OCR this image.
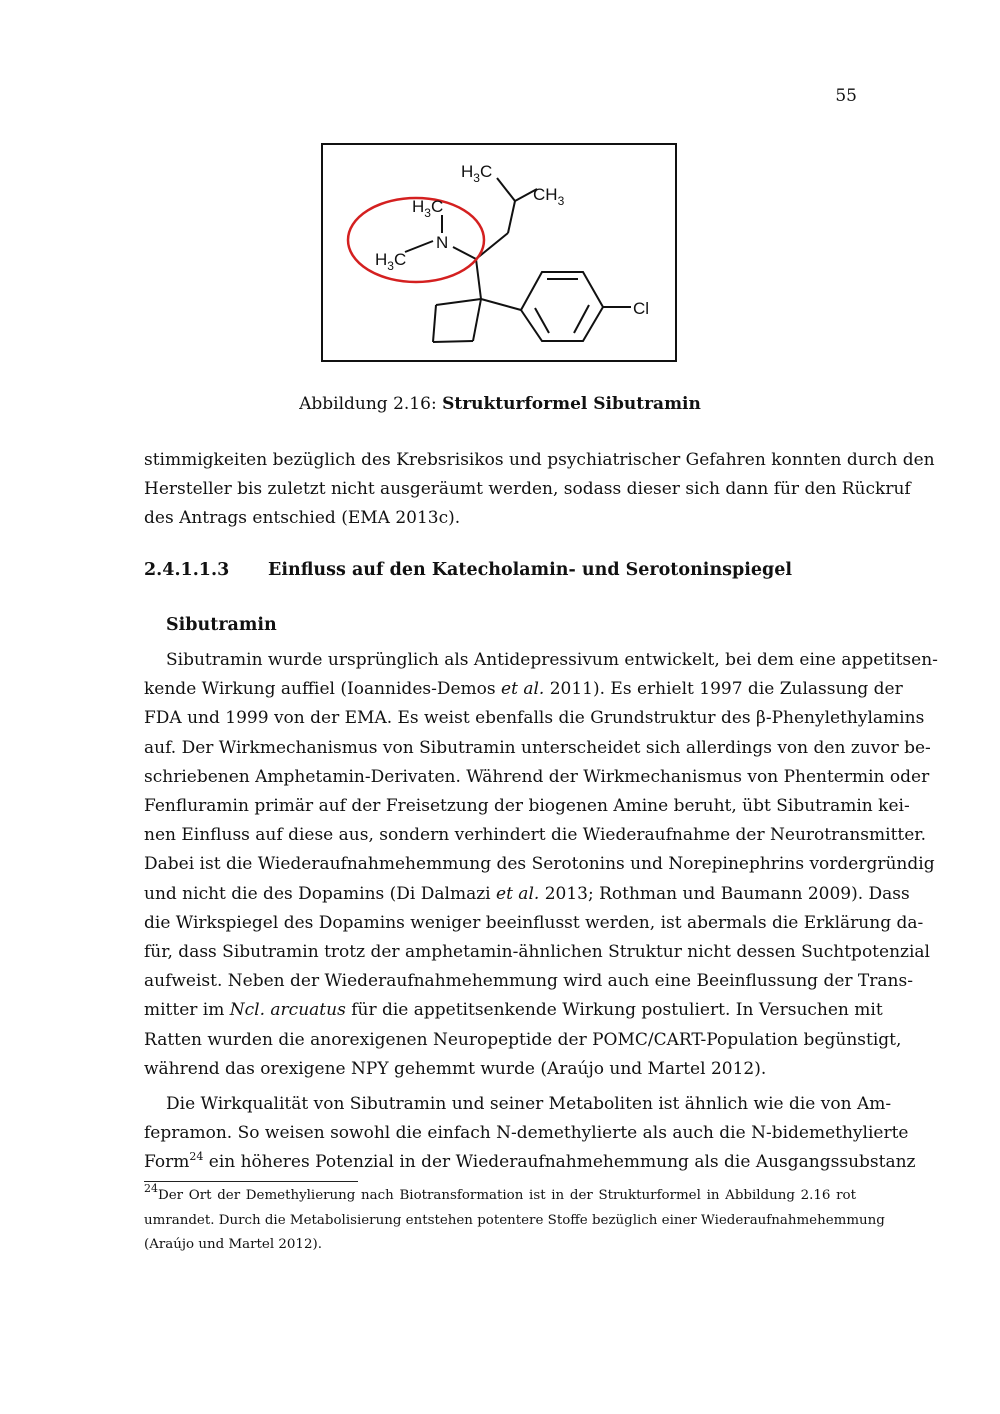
55
$H_3C$
$CH_3$
$H_3C$
N
$H_3C$
Cl
Abbildung 2.16: Strukturformel Sibutramin
stimmigkeiten bezüglich des Krebsrisikos und psychiatrischer Gefahren konnten durch den
Hersteller bis zuletzt nicht ausgeräumt werden, sodass dieser sich dann für den Rückruf
des Antrags entschied (EMA 2013c).
2.4.1.1.3 Einfluss auf den Katecholamin- und Serotoninspiegel
Sibutramin
Sibutramin wurde ursprünglich als Antidepressivum entwickelt, bei dem eine appetitsen-
kende Wirkung auffiel (Ioannides-Demos et al. 2011). Es erhielt 1997 die Zulassung der
FDA und 1999 von der EMA. Es weist ebenfalls die Grundstruktur des β-Phenylethylamins
auf. Der Wirkmechanismus von Sibutramin unterscheidet sich allerdings von den zuvor be-
schriebenen Amphetamin-Derivaten. Während der Wirkmechanismus von Phentermin oder
Fenfluramin primär auf der Freisetzung der biogenen Amine beruht, übt Sibutramin kei-
nen Einfluss auf diese aus, sondern verhindert die Wiederaufnahme der Neurotransmitter.
Dabei ist die Wiederaufnahmehemmung des Serotonins und Norepinephrins vordergründig
und nicht die des Dopamins (Di Dalmazi et al. 2013; Rothman und Baumann 2009). Dass
die Wirkspiegel des Dopamins weniger beeinflusst werden, ist abermals die Erklärung da-
für, dass Sibutramin trotz der amphetamin-ähnlichen Struktur nicht dessen Suchtpotenzial
aufweist. Neben der Wiederaufnahmehemmung wird auch eine Beeinflussung der Trans-
mitter im Ncl. arcuatus für die appetitsenkende Wirkung postuliert. In Versuchen mit
Ratten wurden die anorexigenen Neuropeptide der POMC/CART-Population begünstigt,
während das orexigene NPY gehemmt wurde (Araújo und Martel 2012).
Die Wirkqualität von Sibutramin und seiner Metaboliten ist ähnlich wie die von Am-
fepramon. So weisen sowohl die einfach N-demethylierte als auch die N-bidemethylierte
Form$^{24}$ ein höheres Potenzial in der Wiederaufnahmehemmung als die Ausgangssubstanz
$^{24}$Der Ort der Demethylierung nach Biotransformation ist in der Strukturformel in Abbildung 2.16 rot
umrandet. Durch die Metabolisierung entstehen potentere Stoffe bezüglich einer Wiederaufnahmehemmung
(Araújo und Martel 2012).
